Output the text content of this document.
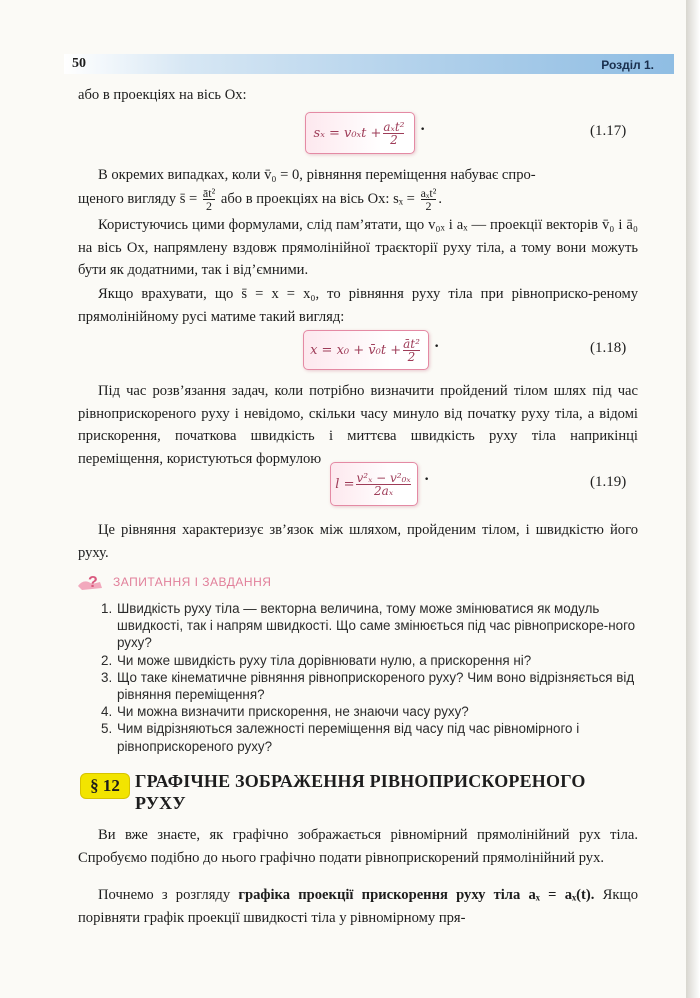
50	Розділ 1.

або в проекціях на вісь Ox:

$s_x = v_{0x}t + \frac{\text{aₓt²}}{2}$ ·	(1.17)

В окремих випадках, коли v̄₀ = 0, рівняння переміщення набуває спро-

щеного вигляду s̄ = $\frac{\text{āt²}}{2}$ або в проекціях на вісь Ox: $s_x = \frac{\text{aₓt²}}{2}$ .

Користуючись цими формулами, слід пам’ятати, що v₀ₓ і aₓ — проекції векторів v̄₀ і ā₀ на вісь Ox, напрямлену вздовж прямолінійної траєкторії руху тіла, а тому вони можуть бути як додатними, так і від’ємними.

Якщо врахувати, що s̄ = x = x₀, то рівняння руху тіла при рівноприско-реному прямолінійному русі матиме такий вигляд:

x = x₀ + v̄₀t + $\frac{\text{āt²}}{2}$ ·	(1.18)

Під час розв’язання задач, коли потрібно визначити пройдений тілом шлях під час рівноприскореного руху і невідомо, скільки часу минуло від початку руху тіла, а відомі прискорення, початкова швидкість і миттєва швидкість руху тіла наприкінці переміщення, користуються формулою

$l = \frac{\text{v²ₓ − v²₀ₓ}}{\text{2aₓ}}$ ·	(1.19)

Це рівняння характеризує зв’язок між шляхом, пройденим тілом, і швидкістю його руху.

? ЗАПИТАННЯ І ЗАВДАННЯ
1. Швидкість руху тіла — векторна величина, тому може змінюватися як модуль швидкості, так і напрям швидкості. Що саме змінюється під час рівноприскоре-ного руху?
2. Чи може швидкість руху тіла дорівнювати нулю, а прискорення ні?
3. Що таке кінематичне рівняння рівноприскореного руху? Чим воно відрізняється від рівняння переміщення?
4. Чи можна визначити прискорення, не знаючи часу руху?
5. Чим відрізняються залежності переміщення від часу під час рівномірного і рівноприскореного руху?
§ 12 ГРАФІЧНЕ ЗОБРАЖЕННЯ РІВНОПРИСКОРЕНОГО РУХУ

Ви вже знаєте, як графічно зображається рівномірний прямолінійний рух тіла. Спробуємо подібно до нього графічно подати рівноприскорений прямолінійний рух.

Почнемо з розгляду графіка проекції прискорення руху тіла aₓ = aₓ(t). Якщо порівняти графік проекції швидкості тіла у рівномірному пря-
